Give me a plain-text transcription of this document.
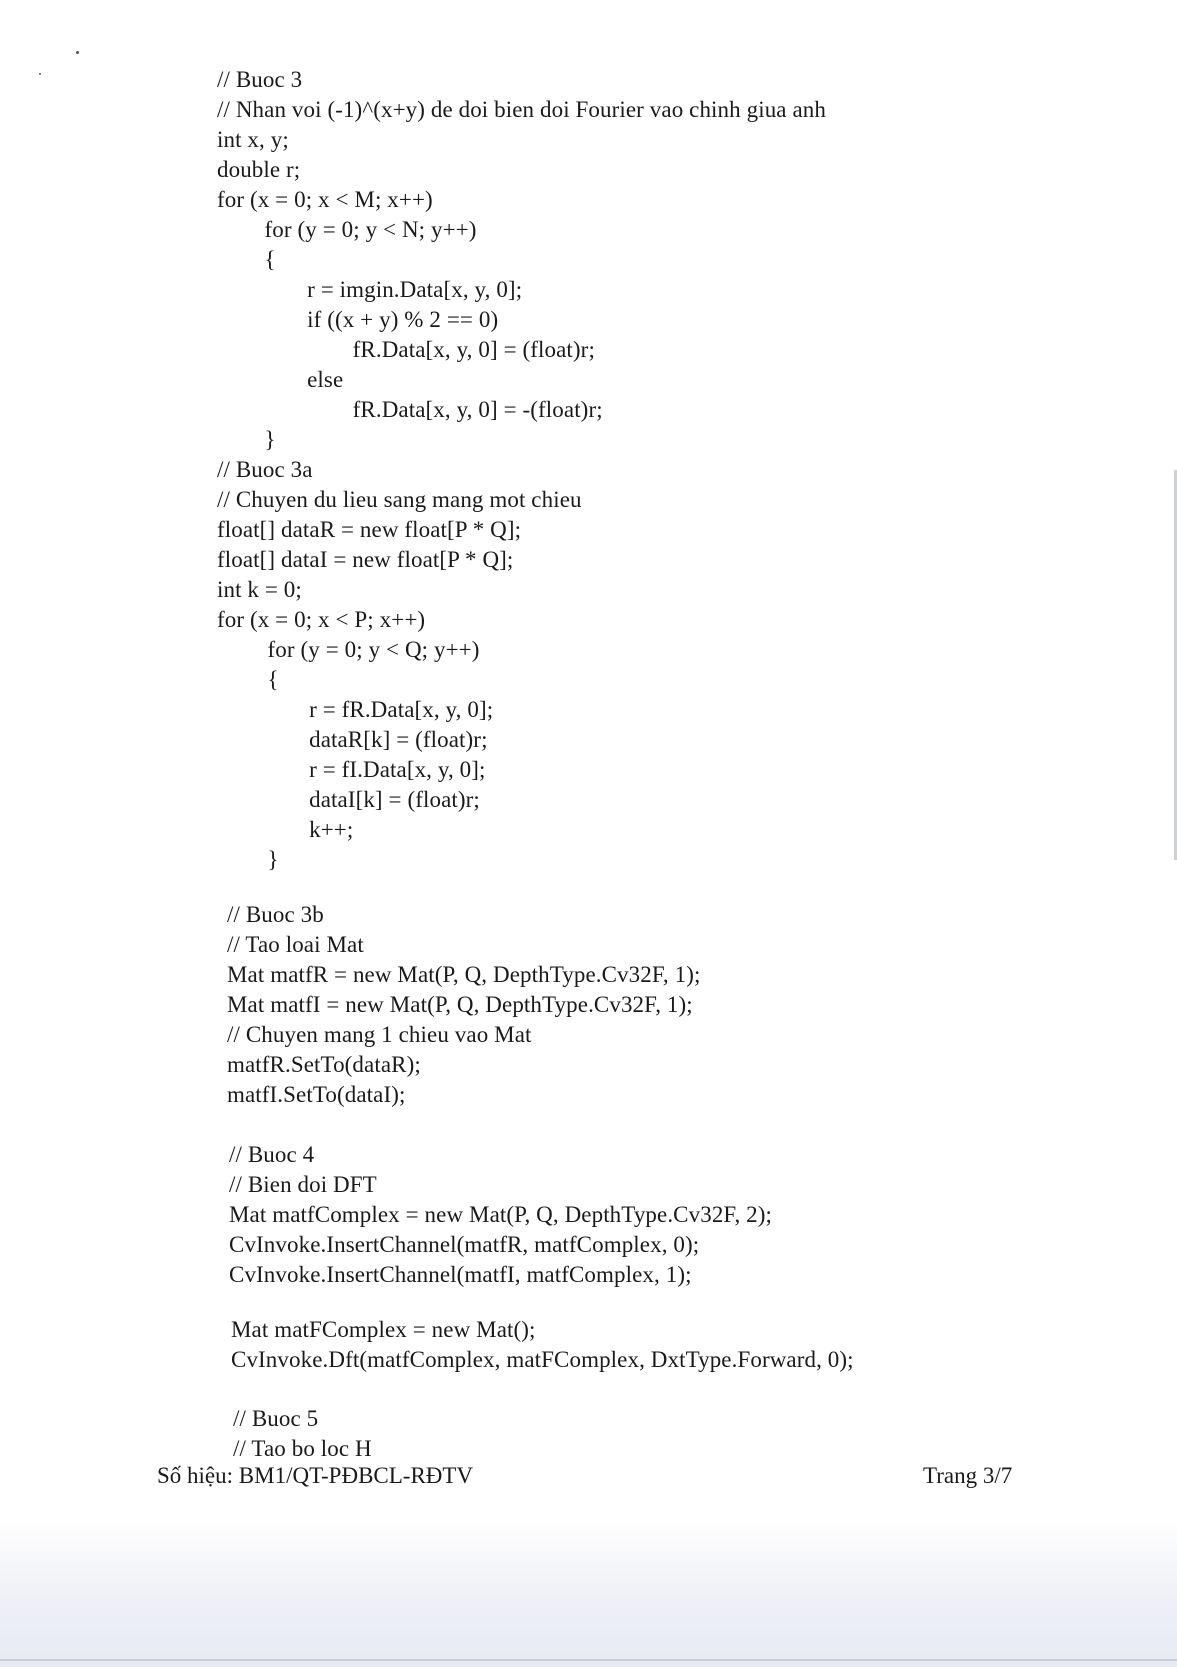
// Buoc 3
// Nhan voi (-1)^(x+y) de doi bien doi Fourier vao chinh giua anh
int x, y;
double r;
for (x = 0; x < M; x++)
for (y = 0; y < N; y++)
{
r = imgin.Data[x, y, 0];
if ((x + y) % 2 == 0)
fR.Data[x, y, 0] = (float)r;
else
fR.Data[x, y, 0] = -(float)r;
}
// Buoc 3a
// Chuyen du lieu sang mang mot chieu
float[] dataR = new float[P * Q];
float[] dataI = new float[P * Q];
int k = 0;
for (x = 0; x < P; x++)
for (y = 0; y < Q; y++)
{
r = fR.Data[x, y, 0];
dataR[k] = (float)r;
r = fI.Data[x, y, 0];
dataI[k] = (float)r;
k++;
}
// Buoc 3b
// Tao loai Mat
Mat matfR = new Mat(P, Q, DepthType.Cv32F, 1);
Mat matfI = new Mat(P, Q, DepthType.Cv32F, 1);
// Chuyen mang 1 chieu vao Mat
matfR.SetTo(dataR);
matfI.SetTo(dataI);
// Buoc 4
// Bien doi DFT
Mat matfComplex = new Mat(P, Q, DepthType.Cv32F, 2);
CvInvoke.InsertChannel(matfR, matfComplex, 0);
CvInvoke.InsertChannel(matfI, matfComplex, 1);
Mat matFComplex = new Mat();
CvInvoke.Dft(matfComplex, matFComplex, DxtType.Forward, 0);
// Buoc 5
// Tao bo loc H
Số hiệu: BM1/QT-PĐBCL-RĐTV	Trang 3/7
